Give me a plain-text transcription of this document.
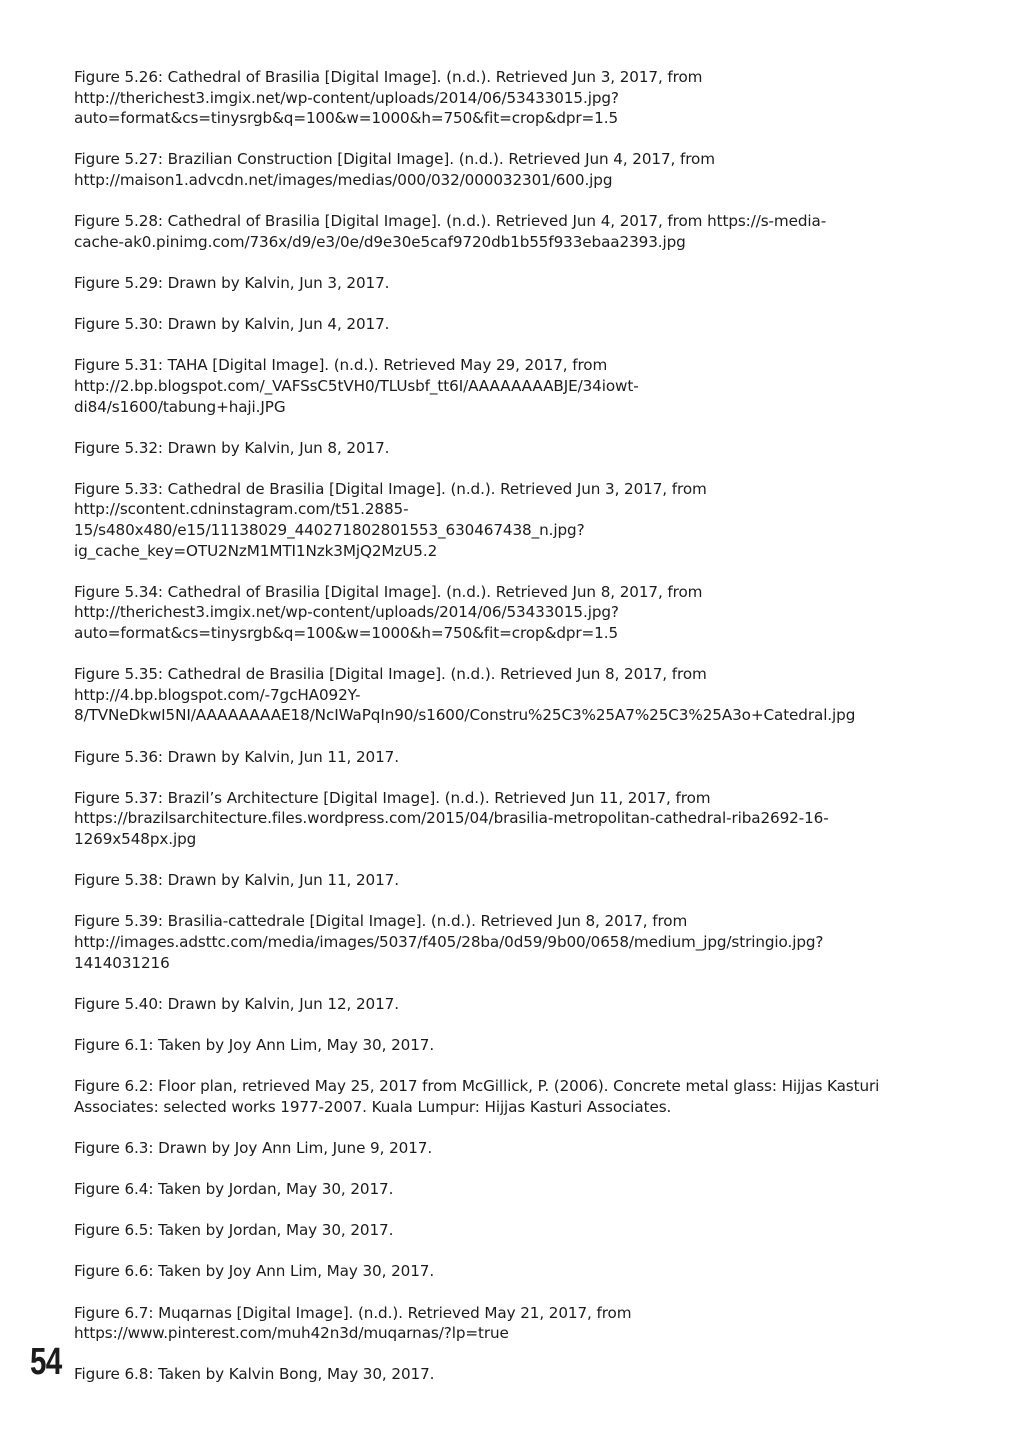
Figure 5.26: Cathedral of Brasilia [Digital Image]. (n.d.). Retrieved Jun 3, 2017, from
http://therichest3.imgix.net/wp-content/uploads/2014/06/53433015.jpg?
auto=format&cs=tinysrgb&q=100&w=1000&h=750&fit=crop&dpr=1.5

Figure 5.27: Brazilian Construction [Digital Image]. (n.d.). Retrieved Jun 4, 2017, from
http://maison1.advcdn.net/images/medias/000/032/000032301/600.jpg

Figure 5.28: Cathedral of Brasilia [Digital Image]. (n.d.). Retrieved Jun 4, 2017, from https://s-media-
cache-ak0.pinimg.com/736x/d9/e3/0e/d9e30e5caf9720db1b55f933ebaa2393.jpg

Figure 5.29: Drawn by Kalvin, Jun 3, 2017.

Figure 5.30: Drawn by Kalvin, Jun 4, 2017.

Figure 5.31: TAHA [Digital Image]. (n.d.). Retrieved May 29, 2017, from
http://2.bp.blogspot.com/_VAFSsC5tVH0/TLUsbf_tt6I/AAAAAAAABJE/34iowt-
di84/s1600/tabung+haji.JPG

Figure 5.32: Drawn by Kalvin, Jun 8, 2017.

Figure 5.33: Cathedral de Brasilia [Digital Image]. (n.d.). Retrieved Jun 3, 2017, from
http://scontent.cdninstagram.com/t51.2885-
15/s480x480/e15/11138029_440271802801553_630467438_n.jpg?
ig_cache_key=OTU2NzM1MTI1Nzk3MjQ2MzU5.2

Figure 5.34: Cathedral of Brasilia [Digital Image]. (n.d.). Retrieved Jun 8, 2017, from
http://therichest3.imgix.net/wp-content/uploads/2014/06/53433015.jpg?
auto=format&cs=tinysrgb&q=100&w=1000&h=750&fit=crop&dpr=1.5

Figure 5.35: Cathedral de Brasilia [Digital Image]. (n.d.). Retrieved Jun 8, 2017, from
http://4.bp.blogspot.com/-7gcHA092Y-
8/TVNeDkwI5NI/AAAAAAAAE18/NcIWaPqIn90/s1600/Constru%25C3%25A7%25C3%25A3o+Catedral.jpg

Figure 5.36: Drawn by Kalvin, Jun 11, 2017.

Figure 5.37: Brazil’s Architecture [Digital Image]. (n.d.). Retrieved Jun 11, 2017, from
https://brazilsarchitecture.files.wordpress.com/2015/04/brasilia-metropolitan-cathedral-riba2692-16-
1269x548px.jpg

Figure 5.38: Drawn by Kalvin, Jun 11, 2017.

Figure 5.39: Brasilia-cattedrale [Digital Image]. (n.d.). Retrieved Jun 8, 2017, from
http://images.adsttc.com/media/images/5037/f405/28ba/0d59/9b00/0658/medium_jpg/stringio.jpg?
1414031216

Figure 5.40: Drawn by Kalvin, Jun 12, 2017.

Figure 6.1: Taken by Joy Ann Lim, May 30, 2017.

Figure 6.2: Floor plan, retrieved May 25, 2017 from McGillick, P. (2006). Concrete metal glass: Hijjas Kasturi
Associates: selected works 1977-2007. Kuala Lumpur: Hijjas Kasturi Associates.

Figure 6.3: Drawn by Joy Ann Lim, June 9, 2017.

Figure 6.4: Taken by Jordan, May 30, 2017.

Figure 6.5: Taken by Jordan, May 30, 2017.

Figure 6.6: Taken by Joy Ann Lim, May 30, 2017.

Figure 6.7: Muqarnas [Digital Image]. (n.d.). Retrieved May 21, 2017, from
https://www.pinterest.com/muh42n3d/muqarnas/?lp=true

Figure 6.8: Taken by Kalvin Bong, May 30, 2017.

54
